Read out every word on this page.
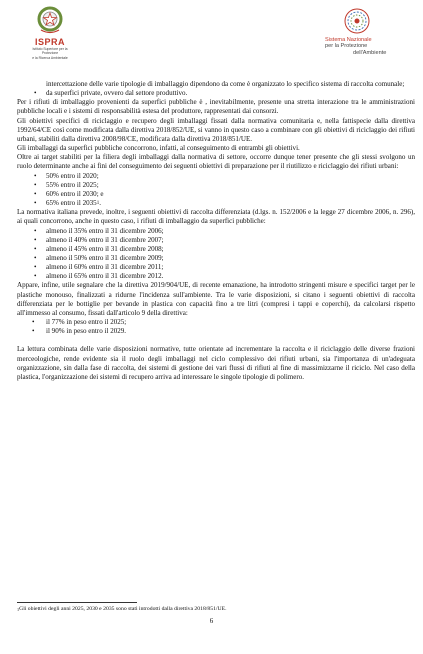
ISPRA
Istituto Superiore per la Protezione
e la Ricerca Ambientale
Sistema Nazionale
per la Protezione
dell'Ambiente

intercettazione delle varie tipologie di imballaggio dipendono da come è organizzato lo specifico sistema di raccolta comunale;

• da superfici private, ovvero dal settore produttivo.

Per i rifiuti di imballaggio provenienti da superfici pubbliche è , inevitabilmente, presente una stretta interazione tra le amministrazioni pubbliche locali e i sistemi di responsabilità estesa del produttore, rappresentati dai consorzi.

Gli obiettivi specifici di riciclaggio e recupero degli imballaggi fissati dalla normativa comunitaria e, nella fattispecie dalla direttiva 1992/64/CE così come modificata dalla direttiva 2018/852/UE, si vanno in questo caso a combinare con gli obiettivi di riciclaggio dei rifiuti urbani, stabiliti dalla direttiva 2008/98/CE, modificata dalla direttiva 2018/851/UE.

Gli imballaggi da superfici pubbliche concorrono, infatti, al conseguimento di entrambi gli obiettivi.

Oltre ai target stabiliti per la filiera degli imballaggi dalla normativa di settore, occorre dunque tener presente che gli stessi svolgono un ruolo determinante anche ai fini del conseguimento dei seguenti obiettivi di preparazione per il riutilizzo e riciclaggio dei rifiuti urbani:

• 50% entro il 2020;

• 55% entro il 2025;

• 60% entro il 2030; e

• 65% entro il 2035$^1$.

La normativa italiana prevede, inoltre, i seguenti obiettivi di raccolta differenziata (d.lgs. n. 152/2006 e la legge 27 dicembre 2006, n. 296), ai quali concorrono, anche in questo caso, i rifiuti di imballaggio da superfici pubbliche:

• almeno il 35% entro il 31 dicembre 2006;

• almeno il 40% entro il 31 dicembre 2007;

• almeno il 45% entro il 31 dicembre 2008;

• almeno il 50% entro il 31 dicembre 2009;

• almeno il 60% entro il 31 dicembre 2011;

• almeno il 65% entro il 31 dicembre 2012.

Appare, infine, utile segnalare che la direttiva 2019/904/UE, di recente emanazione, ha introdotto stringenti misure e specifici target per le plastiche monouso, finalizzati a ridurne l'incidenza sull'ambiente. Tra le varie disposizioni, si citano i seguenti obiettivi di raccolta differenziata per le bottiglie per bevande in plastica con capacità fino a tre litri (compresi i tappi e coperchi), da calcolarsi rispetto all'immesso al consumo, fissati dall'articolo 9 della direttiva:

• il 77% in peso entro il 2025;

• il 90% in peso entro il 2029.

La lettura combinata delle varie disposizioni normative, tutte orientate ad incrementare la raccolta e il riciclaggio delle diverse frazioni merceologiche, rende evidente sia il ruolo degli imballaggi nel ciclo complessivo dei rifiuti urbani, sia l'importanza di un'adeguata organizzazione, sin dalla fase di raccolta, dei sistemi di gestione dei vari flussi di rifiuti al fine di massimizzarne il riciclo. Nel caso della plastica, l'organizzazione dei sistemi di recupero arriva ad interessare le singole tipologie di polimero.

$^1$Gli obiettivi degli anni 2025, 2030 e 2035 sono stati introdotti dalla direttiva 2018/851/UE.
6
